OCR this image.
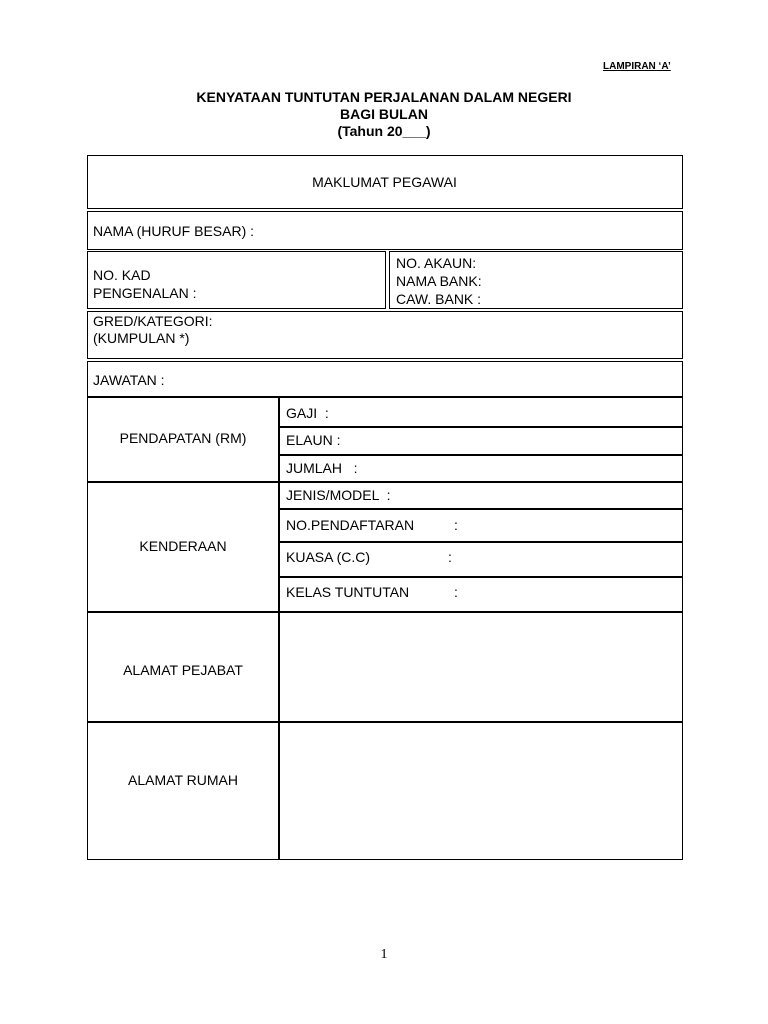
LAMPIRAN ‘A’
KENYATAAN TUNTUTAN PERJALANAN DALAM NEGERI
BAGI BULAN
(Tahun 20___)
MAKLUMAT PEGAWAI
NAMA (HURUF BESAR) :
NO. KAD
PENGENALAN :
NO. AKAUN:
NAMA BANK:
CAW. BANK :
GRED/KATEGORI:
(KUMPULAN *)
JAWATAN :
PENDAPATAN (RM)
GAJI  :
ELAUN :
JUMLAH   :
KENDERAAN
JENIS/MODEL  :
NO.PENDAFTARAN	:
KUASA (C.C)	:
KELAS TUNTUTAN	:
ALAMAT PEJABAT
ALAMAT RUMAH
1
